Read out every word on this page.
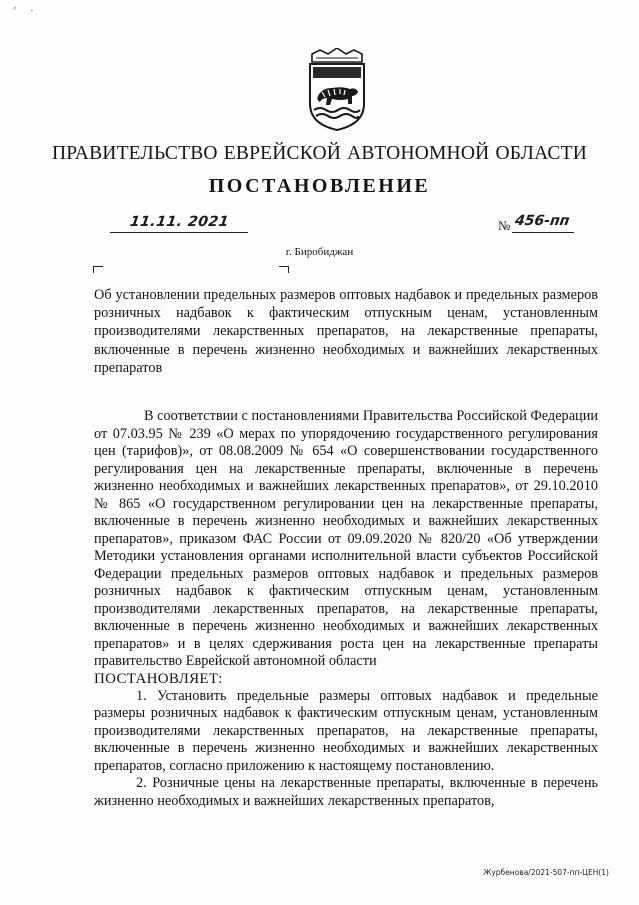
' ·
ПРАВИТЕЛЬСТВО ЕВРЕЙСКОЙ АВТОНОМНОЙ ОБЛАСТИ
ПОСТАНОВЛЕНИЕ
11.11. 2021	№ 456-пп
г. Биробиджан
Об установлении предельных размеров оптовых надбавок и предельных размеров розничных надбавок к фактическим отпускным ценам, установленным производителями лекарственных препаратов, на лекарственные препараты, включенные в перечень жизненно необходимых и важнейших лекарственных препаратов

В соответствии с постановлениями Правительства Российской Федерации от 07.03.95 № 239 «О мерах по упорядочению государственного регулирования цен (тарифов)», от 08.08.2009 № 654 «О совершенствовании государственного регулирования цен на лекарственные препараты, включенные в перечень жизненно необходимых и важнейших лекарственных препаратов», от 29.10.2010 № 865 «О государственном регулировании цен на лекарственные препараты, включенные в перечень жизненно необходимых и важнейших лекарственных препаратов», приказом ФАС России от 09.09.2020 № 820/20 «Об утверждении Методики установления органами исполнительной власти субъектов Российской Федерации предельных размеров оптовых надбавок и предельных размеров розничных надбавок к фактическим отпускным ценам, установленным производителями лекарственных препаратов, на лекарственные препараты, включенные в перечень жизненно необходимых и важнейших лекарственных препаратов» и в целях сдерживания роста цен на лекарственные препараты правительство Еврейской автономной области

ПОСТАНОВЛЯЕТ:

1. Установить предельные размеры оптовых надбавок и предельные размеры розничных надбавок к фактическим отпускным ценам, установленным производителями лекарственных препаратов, на лекарственные препараты, включенные в перечень жизненно необходимых и важнейших лекарственных препаратов, согласно приложению к настоящему постановлению.

2. Розничные цены на лекарственные препараты, включенные в перечень жизненно необходимых и важнейших лекарственных препаратов,

Журбенова/2021-507-пп-ЦЕН(1)
